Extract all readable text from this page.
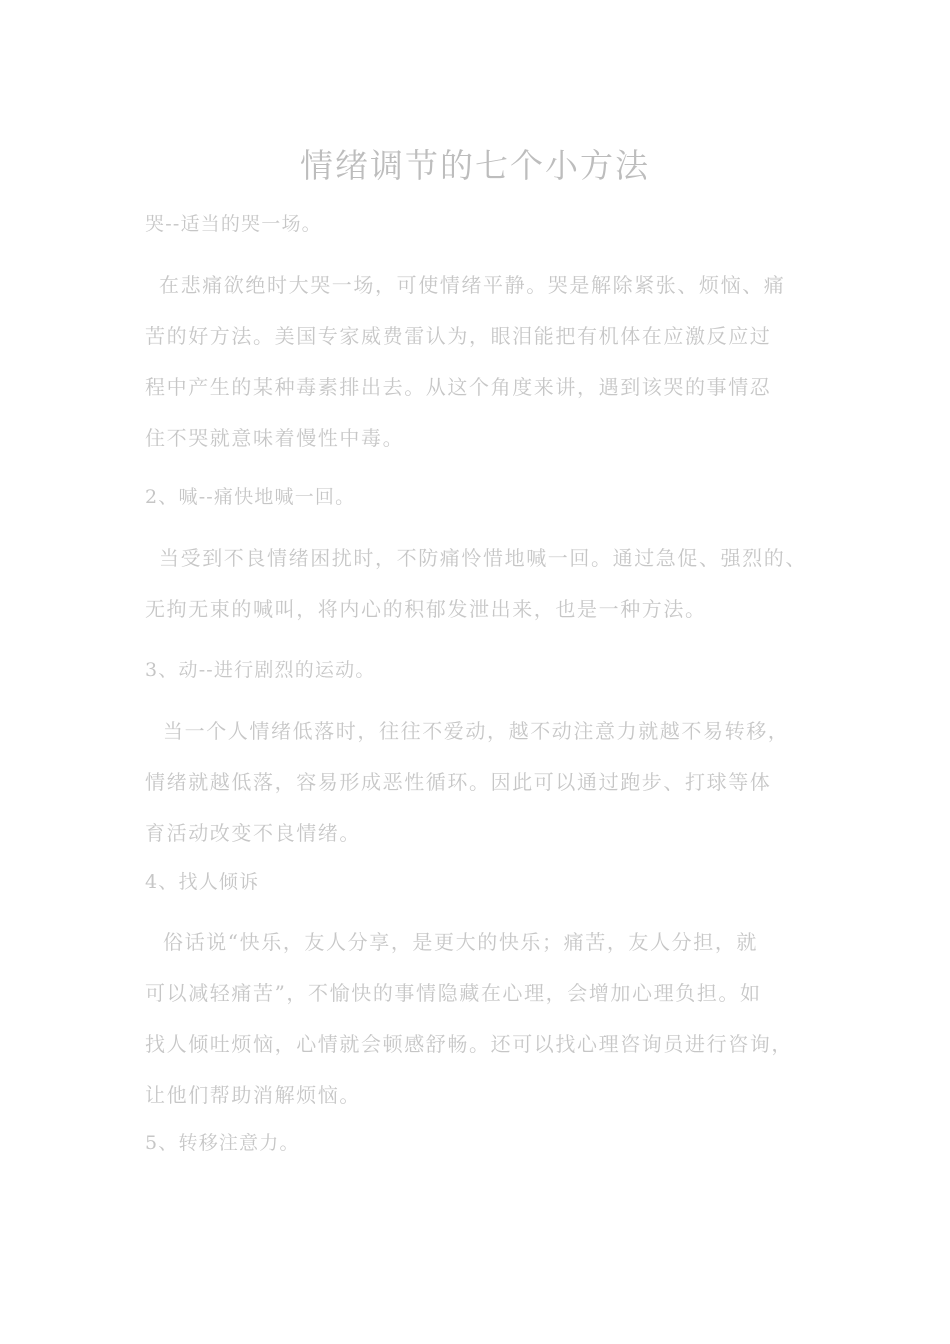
情绪调节的七个小方法

哭--适当的哭一场。

在悲痛欲绝时大哭一场，可使情绪平静。哭是解除紧张、烦恼、痛
苦的好方法。美国专家威费雷认为，眼泪能把有机体在应激反应过
程中产生的某种毒素排出去。从这个角度来讲，遇到该哭的事情忍
住不哭就意味着慢性中毒。

2、喊--痛快地喊一回。

当受到不良情绪困扰时，不防痛怜惜地喊一回。通过急促、强烈的、
无拘无束的喊叫，将内心的积郁发泄出来，也是一种方法。

3、动--进行剧烈的运动。

当一个人情绪低落时，往往不爱动，越不动注意力就越不易转移，
情绪就越低落，容易形成恶性循环。因此可以通过跑步、打球等体
育活动改变不良情绪。

4、找人倾诉

俗话说“快乐，友人分享，是更大的快乐；痛苦，友人分担，就
可以减轻痛苦”，不愉快的事情隐藏在心理，会增加心理负担。如
找人倾吐烦恼，心情就会顿感舒畅。还可以找心理咨询员进行咨询，
让他们帮助消解烦恼。

5、转移注意力。
